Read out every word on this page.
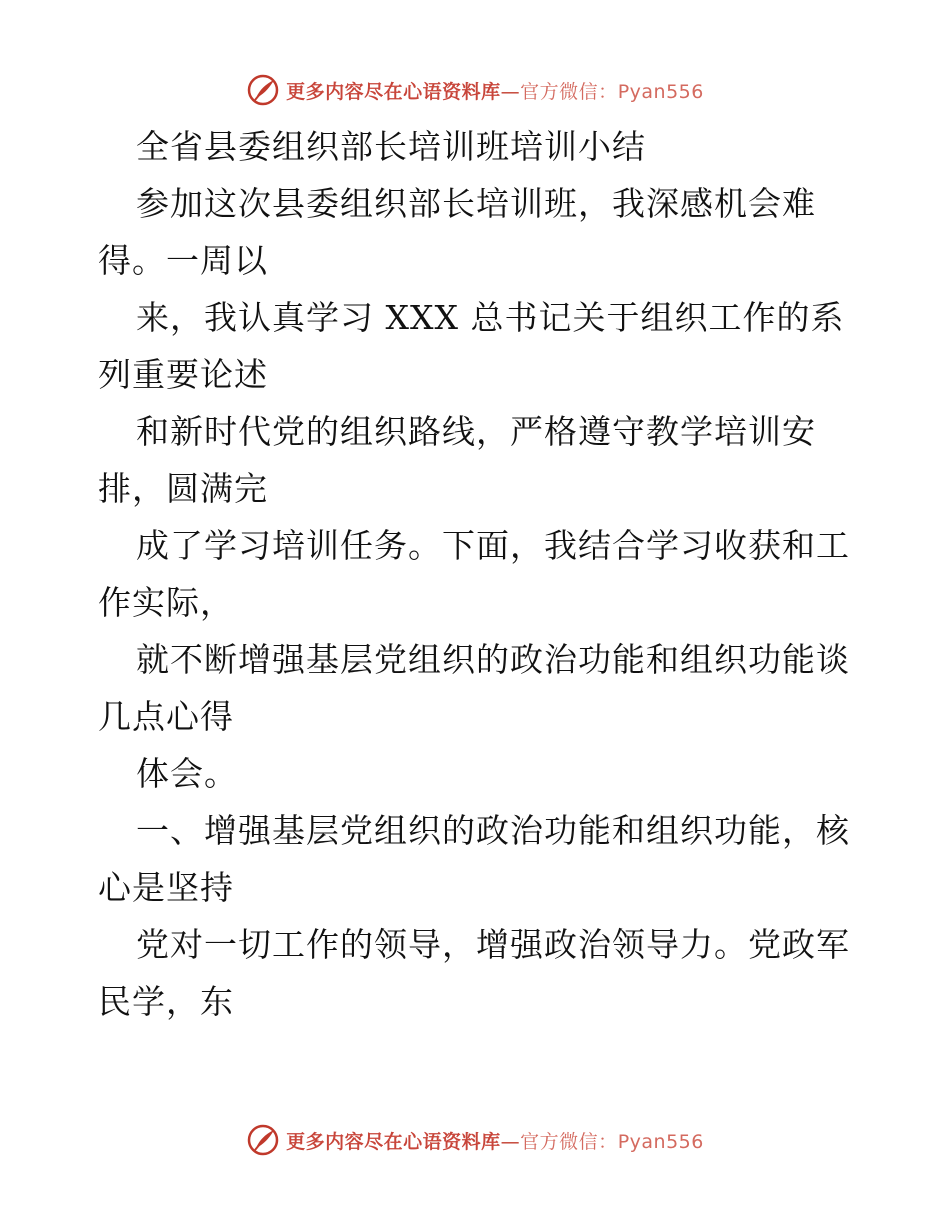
更多内容尽在心语资料库—官方微信：Pyan556
全省县委组织部长培训班培训小结
参加这次县委组织部长培训班，我深感机会难
得。一周以
来，我认真学习 XXX 总书记关于组织工作的系
列重要论述
和新时代党的组织路线，严格遵守教学培训安
排，圆满完
成了学习培训任务。下面，我结合学习收获和工
作实际，
就不断增强基层党组织的政治功能和组织功能谈
几点心得
体会。
一、增强基层党组织的政治功能和组织功能，核
心是坚持
党对一切工作的领导，增强政治领导力。党政军
民学，东
更多内容尽在心语资料库—官方微信：Pyan556
